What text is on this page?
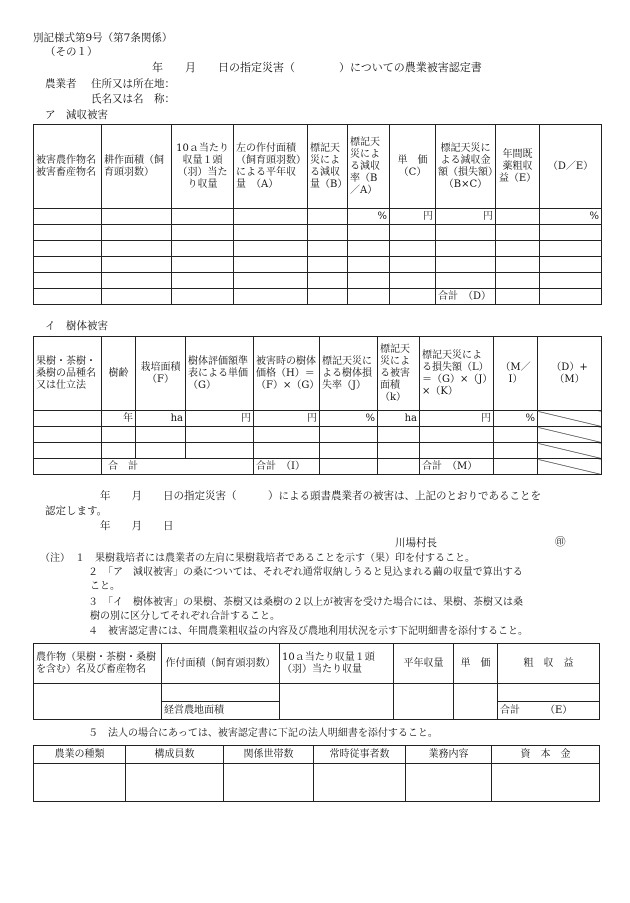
別記様式第9号（第7条関係）
（その１）
年　　月　　日の指定災害（　　　　）についての農業被害認定書
農業者 住所又は所在地：
氏名又は名　称：
ア　減収被害
被害農作物名被害畜産物名	耕作面積（飼育頭羽数）	10ａ当たり収量１頭（羽）当たり収量	左の作付面積（飼育頭羽数）による平年収量　（A）	標記天災による減収量（B）	標記天災による減収率（B／A）	単　価（C）	標記天災による減収金額（損失額）（B×C）	年間既薬粗収益（E）	（D／E）
					%	円	円		%

							合計　（D）		
イ　樹体被害
果樹・茶樹・桑樹の品種名又は仕立法	樹齢	栽培面積（F）	樹体評価額準表による単価　（G）	被害時の樹体価格（H）＝（F）×（G）	標記天災による樹体損失率（J）	標記天災による被害面積（k）	標記天災による損失額（L）＝（G）×（J）×（K）	（M／I）	（D）+（M）
	年	ha	円	円	%	ha	円	%	

	合　計			合計　（I）			合計　（M）		
年　　月　　日の指定災害（　　　）による頭書農業者の被害は、上記のとおりであることを
認定します。
年　　月　　日
川場村長	㊞
（注） １　果樹栽培者には農業者の左肩に果樹栽培者であることを示す（果）印を付すること。
２　「ア　減収被害」の桑については、それぞれ通常収納しうると見込まれる繭の収量で算出する
こと。
３　「イ　樹体被害」の果樹、茶樹又は桑樹の２以上が被害を受けた場合には、果樹、茶樹又は桑
樹の別に区分してそれぞれ合計すること。
４　被害認定書には、年間農業粗収益の内容及び農地利用状況を示す下記明細書を添付すること。
農作物（果樹・茶樹・桑樹を含む）名及び畜産物名	作付面積（飼育頭羽数）	10ａ当たり収量１頭（羽）当たり収量	平年収量	単　価	粗　収　益

	経営農地面積				合計　　　（E）
５　法人の場合にあっては、被害認定書に下記の法人明細書を添付すること。
農業の種類	構成員数	関係世帯数	常時従事者数	業務内容	資　本　金
